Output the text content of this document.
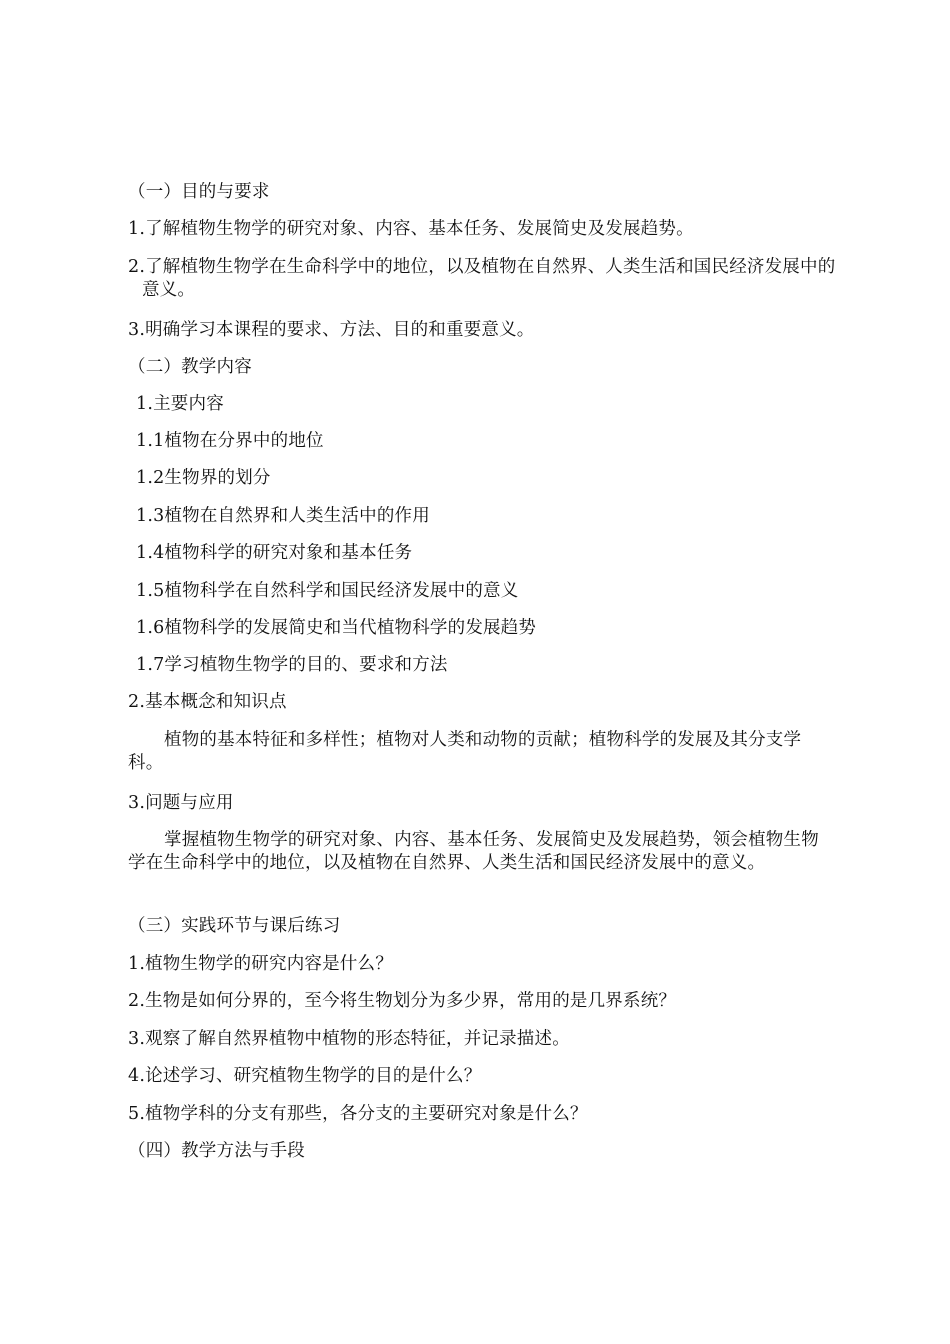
（一）目的与要求
1.了解植物生物学的研究对象、内容、基本任务、发展简史及发展趋势。
2.了解植物生物学在生命科学中的地位，以及植物在自然界、人类生活和国民经济发展中的意义。
3.明确学习本课程的要求、方法、目的和重要意义。
（二）教学内容
1.主要内容
1.1植物在分界中的地位
1.2生物界的划分
1.3植物在自然界和人类生活中的作用
1.4植物科学的研究对象和基本任务
1.5植物科学在自然科学和国民经济发展中的意义
1.6植物科学的发展简史和当代植物科学的发展趋势
1.7学习植物生物学的目的、要求和方法
2.基本概念和知识点
植物的基本特征和多样性；植物对人类和动物的贡献；植物科学的发展及其分支学科。
3.问题与应用
掌握植物生物学的研究对象、内容、基本任务、发展简史及发展趋势，领会植物生物学在生命科学中的地位，以及植物在自然界、人类生活和国民经济发展中的意义。
（三）实践环节与课后练习
1.植物生物学的研究内容是什么？
2.生物是如何分界的，至今将生物划分为多少界，常用的是几界系统？
3.观察了解自然界植物中植物的形态特征，并记录描述。
4.论述学习、研究植物生物学的目的是什么？
5.植物学科的分支有那些，各分支的主要研究对象是什么？
（四）教学方法与手段
